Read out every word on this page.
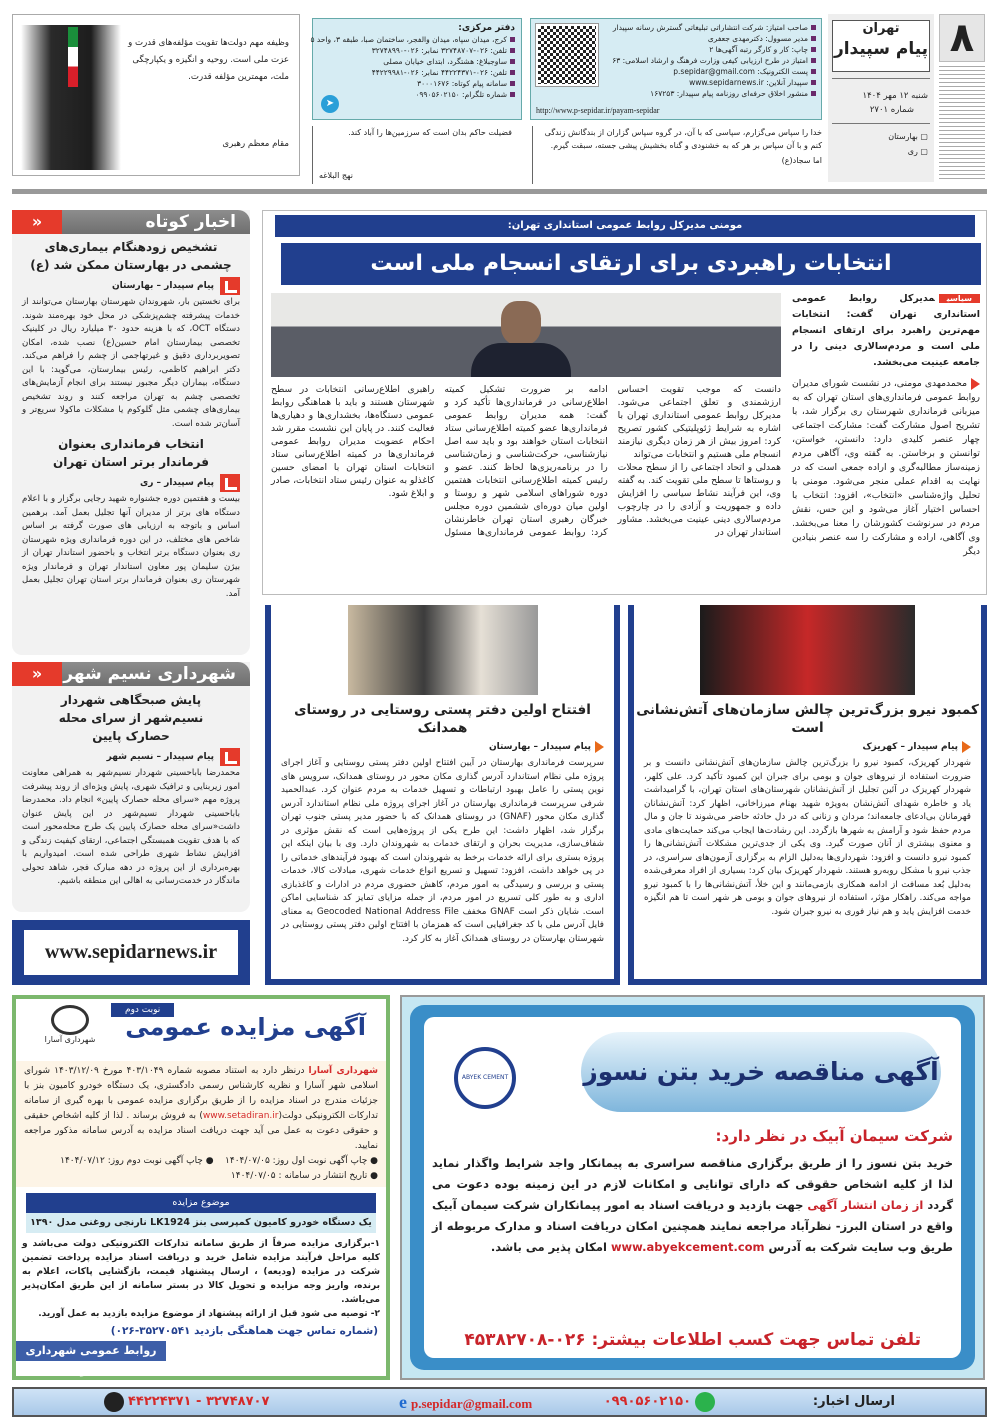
۸
تهران
پیام سپیدار
شنبه ۱۲ مهر ۱۴۰۴
شماره ۲۷۰۱
▢ بهارستان
▢ ری
صاحب امتیاز: شرکت انتشاراتی تبلیغاتی گسترش رسانه سپیدار
مدیر مسوول: دکترمهدی جعفری
چاپ: کار و کارگر رتبه آگهی‌ها ۲
امتیاز در طرح ارزیابی کیفی وزارت فرهنگ و ارشاد اسلامی: ۶۳
پست الکترونیک: p.sepidar@gmail.com
سپیدار آنلاین: www.sepidarnews.ir
منشور اخلاق حرفه‌ای روزنامه پیام سپیدار: ۱۶۷۲۵۳
http://www.p-sepidar.ir/payam-sepidar
دفتر مرکزی:
کرج، میدان سپاه، میدان والفجر، ساختمان صبا، طبقه ۳، واحد ۵
تلفن: ۰۲۶-۳۲۷۴۸۷۰۷ نمابر: ۰۲۶-۳۲۷۴۸۹۹۰
ساوجبلاغ: هشتگرد، ابتدای خیابان مصلی
تلفن: ۰۲۶-۴۴۲۲۴۳۷۱ نمابر: ۰۲۶-۴۴۲۲۹۹۸۱
سامانه پیام کوتاه: ۳۰۰۰۱۶۷۶
شماره تلگرام: ۰۹۹۰۵۶۰۲۱۵۰
➤
خدا را سپاس می‌گزارم، سپاسی که با آن، در گروه سپاس گزاران از بندگانش زندگی کنم و با آن سپاس بر هر که به خشنودی و گناه بخشیش پیشی جسته، سبقت گیرم.
اما سجاد(ع)
فضیلت حاکم بدان است که سرزمین‌ها را آباد کند.
نهج البلاغه
وظیفه مهم دولت‌ها تقویت مؤلفه‌های قدرت و عزت ملی است. روحیه و انگیزه و یکپارچگی ملت، مهمترین مؤلفه قدرت.
مقام معظم رهبری
مومنی مدیرکل روابط عمومی استانداری تهران:
انتخابات راهبردی برای ارتقای انسجام ملی است
سیاسیمدیرکل روابط عمومی استانداری تهران گفت: انتخابات مهم‌ترین راهبرد برای ارتقای انسجام ملی است و مردم‌سالاری دینی را در جامعه عینیت می‌بخشد.
محمدمهدی مومنی، در نشست شورای مدیران روابط عمومی فرمانداری‌های استان تهران که به میزبانی فرمانداری شهرستان ری برگزار شد، با تشریح اصول مشارکت گفت: مشارکت اجتماعی چهار عنصر کلیدی دارد: دانستن، خواستن، توانستن و برخاستن. به گفته وی، آگاهی مردم زمینه‌ساز مطالبه‌گری و اراده جمعی است که در نهایت به اقدام عملی منجر می‌شود. مومنی با تحلیل واژه‌شناسی «انتخاب»، افزود: انتخاب با احساس اختیار آغاز می‌شود و این حس، نقش مردم در سرنوشت کشورشان را معنا می‌بخشد. وی آگاهی، اراده و مشارکت را سه عنصر بنیادین دیگر
دانست که موجب تقویت احساس ارزشمندی و تعلق اجتماعی می‌شود. مدیرکل روابط عمومی استانداری تهران با اشاره به شرایط ژئوپلیتیکی کشور تصریح کرد: امروز بیش از هر زمان دیگری نیازمند انسجام ملی هستیم و انتخابات می‌تواند
همدلی و اتحاد اجتماعی را از سطح محلات و روستاها تا سطح ملی تقویت کند. به گفته وی، این فرآیند نشاط سیاسی را افزایش داده و جمهوریت و آزادی را در چارچوب مردم‌سالاری دینی عینیت می‌بخشد. مشاور استاندار تهران در
ادامه بر ضرورت تشکیل کمیته اطلاع‌رسانی در فرمانداری‌ها تأکید کرد و گفت: همه مدیران روابط عمومی فرمانداری‌ها عضو کمیته اطلاع‌رسانی ستاد انتخابات استان خواهند بود و باید سه اصل نیازشناسی، حرکت‌شناسی و زمان‌شناسی را در برنامه‌ریزی‌ها لحاظ کنند. عضو و رئیس کمیته اطلاع‌رسانی انتخابات هفتمین دوره شوراهای اسلامی شهر و روستا و اولین میان دوره‌ای ششمین دوره مجلس خبرگان رهبری استان تهران خاطرنشان کرد: روابط عمومی فرمانداری‌ها مسئول راهبری اطلاع‌رسانی انتخابات در سطح شهرستان هستند و باید با هماهنگی روابط عمومی دستگاه‌ها، بخشداری‌ها و دهیاری‌ها فعالیت کنند. در پایان این نشست مقرر شد احکام عضویت مدیران روابط عمومی فرمانداری‌ها در کمیته اطلاع‌رسانی ستاد انتخابات استان تهران با امضای حسین کاغذلو به عنوان رئیس ستاد انتخابات، صادر و ابلاغ شود.
کمبود نیرو بزرگ‌ترین چالش سازمان‌های آتش‌نشانی است
پیام سپیدار – کهریزک
شهردار کهریزک، کمبود نیرو را بزرگ‌ترین چالش سازمان‌های آتش‌نشانی دانست و بر ضرورت استفاده از نیروهای جوان و بومی برای جبران این کمبود تأکید کرد. علی کلهر، شهردار کهریزک در آئین تجلیل از آتش‌نشانان شهرستان‌های استان تهران، با گرامیداشت یاد و خاطره شهدای آتش‌نشان به‌ویژه شهید بهنام میرزاخانی، اظهار کرد: آتش‌نشانان قهرمانان بی‌ادعای جامعه‌اند؛ مردان و زنانی که در دل حادثه حاضر می‌شوند تا جان و مال مردم حفظ شود و آرامش به شهرها بازگردد. این رشادت‌ها ایجاب می‌کند حمایت‌های مادی و معنوی بیشتری از آنان صورت گیرد. وی یکی از جدی‌ترین مشکلات آتش‌نشانی‌ها را کمبود نیرو دانست و افزود: شهرداری‌ها به‌دلیل الزام به برگزاری آزمون‌های سراسری، در جذب نیرو با مشکل روبه‌رو هستند. شهردار کهریزک بیان کرد: بسیاری از افراد معرفی‌شده به‌دلیل بُعد مسافت از ادامه همکاری بازمی‌مانند و این خلأ، آتش‌نشانی‌ها را با کمبود نیرو مواجه می‌کند. راهکار مؤثر، استفاده از نیروهای جوان و بومی هر شهر است تا هم انگیزه خدمت افزایش یابد و هم نیاز فوری به نیرو جبران شود.
افتتاح اولین دفتر پستی روستایی در روستای همدانک
پیام سپیدار – بهارستان
سرپرست فرمانداری بهارستان در آیین افتتاح اولین دفتر پستی روستایی و آغاز اجرای پروژه ملی نظام استاندارد آدرس گذاری مکان محور در روستای همدانک، سرویس های نوین پستی را عامل بهبود ارتباطات و تسهیل خدمات به مردم عنوان کرد. عبدالحمید شرفی سرپرست فرمانداری بهارستان در آغاز اجرای پروژه ملی نظام استاندارد آدرس گذاری مکان محور (GNAF) در روستای همدانک که با حضور مدیر پستی جنوب تهران برگزار شد، اظهار داشت: این طرح یکی از پروژه‌هایی است که نقش مؤثری در شفاف‌سازی، مدیریت بحران و ارتقای خدمات به شهروندان دارد. وی با بیان اینکه این پروژه بستری برای ارائه خدمات برخط به شهروندان است که بهبود فرآیندهای خدماتی را در پی خواهد داشت، افزود: تسهیل و تسریع انواع خدمات شهری، مبادلات کالا، خدمات پستی و بررسی و رسیدگی به امور مردم، کاهش حضوری مردم در ادارات و کاغذبازی اداری و به طور کلی تسریع در امور مردم، از جمله مزایای تمایز کد شناسایی اماکن است. شایان ذکر است GNAF مخفف Geocoded National Address File به معنای فایل آدرس ملی با کد جغرافیایی است که همزمان با افتتاح اولین دفتر پستی روستایی در شهرستان بهارستان در روستای همدانک آغاز به کار کرد.
اخبار کوتاه
«
تشخیص زودهنگام بیماری‌های چشمی در بهارستان ممکن شد (ع)
پیام سپیدار – بهارستان
برای نخستین بار، شهروندان شهرستان بهارستان می‌توانند از خدمات پیشرفته چشم‌پزشکی در محل خود بهره‌مند شوند. دستگاه OCT، که با هزینه حدود ۳۰ میلیارد ریال در کلینیک تخصصی بیمارستان امام حسین(ع) نصب شده، امکان تصویربرداری دقیق و غیرتهاجمی از چشم را فراهم می‌کند. دکتر ابراهیم کاظمی، رئیس بیمارستان، می‌گوید: با این دستگاه، بیماران دیگر مجبور نیستند برای انجام آزمایش‌های تخصصی چشم به تهران مراجعه کنند و روند تشخیص بیماری‌های چشمی مثل گلوکوم یا مشکلات ماکولا سریع‌تر و آسان‌تر شده است.
انتخاب فرمانداری بعنوان فرماندار برتر استان تهران
پیام سپیدار – ری
بیست و هفتمین دوره جشنواره شهید رجایی برگزار و با اعلام دستگاه های برتر از مدیران آنها تجلیل بعمل آمد. برهمین اساس و باتوجه به ارزیابی های صورت گرفته بر اساس شاخص های مختلف، در این دوره فرمانداری ویژه شهرستان ری بعنوان دستگاه برتر انتخاب و باحضور استاندار تهران از بیژن سلیمان پور معاون استاندار تهران و فرماندار ویژه شهرستان ری بعنوان فرماندار برتر استان تهران تجلیل بعمل آمد.
شهرداری نسیم شهر
«
پایش صبحگاهی شهردار نسیم‌شهر از سرای محله حصارک پایین
پیام سپیدار – نسیم شهر
محمدرضا باباحسینی شهردار نسیم‌شهر به همراهی معاونت امور زیربنایی و ترافیک شهری، پایش ویژه‌ای از روند پیشرفت پروژه مهم «سرای محله حصارک پایین» انجام داد. محمدرضا باباحسینی شهردار نسیم‌شهر در این پایش عنوان داشت«سرای محله حصارک پایین یک طرح محله‌محور است که با هدف تقویت همبستگی اجتماعی، ارتقای کیفیت زندگی و افزایش نشاط شهری طراحی شده است. امیدواریم با بهره‌برداری از این پروژه در دهه مبارک فجر، شاهد تحولی ماندگار در خدمت‌رسانی به اهالی این منطقه باشیم.
www.sepidarnews.ir
نوبت دوم
شهرداری آسارا	آگهی مزایده عمومی
شهرداری آسارا درنظر دارد به استناد مصوبه شماره ۴۰۳/۱۰۴۹ مورخ ۱۴۰۳/۱۲/۰۹ شورای اسلامی شهر آسارا و نظریه کارشناس رسمی دادگستری، یک دستگاه خودرو کامیون بنز با جزئیات مندرج در اسناد مزایده را از طریق برگزاری مزایده عمومی با بهره گیری از سامانه تدارکات الکترونیکی دولت(www.setadiran.ir) به فروش برساند . لذا از کلیه اشخاص حقیقی و حقوقی دعوت به عمل می آید جهت دریافت اسناد مزایده به آدرس سامانه مذکور مراجعه نمایید.
● چاپ آگهی نوبت اول روز: ۱۴۰۴/۰۷/۰۵    ● چاپ آگهی نوبت دوم روز: ۱۴۰۴/۰۷/۱۲
● تاریخ انتشار در سامانه : ۱۴۰۴/۰۷/۰۵
موضوع مزایده
یک دستگاه خودرو کامیون کمپرسی بنز LK1924 نارنجی روغنی مدل ۱۳۹۰
۱-برگزاری مزایده صرفاً از طریق سامانه تدارکات الکترونیکی دولت می‌باشد و کلیه مراحل فرآیند مزایده شامل خرید و دریافت اسناد مزایده پرداخت تضمین شرکت در مزایده (ودیعه) ، ارسال پیشنهاد قیمت، بازگشایی پاکات، اعلام به برنده، واریز وجه مزایده و تحویل کالا در بستر سامانه از این طریق امکان‌پذیر می‌باشد.
۲- توصیه می شود قبل از ارائه پیشنهاد از موضوع مزایده بازدید به عمل آورید.
(شماره تماس جهت هماهنگی بازدید ۳۵۲۷۰۵۴۱-۰۲۶)
روابط عمومی شهرداری آسارا
آگهی مناقصه خرید بتن نسوز
ABYEK CEMENT
شرکت سیمان آبیک در نظر دارد:
خرید بتن نسوز را از طریق برگزاری مناقصه سراسری به پیمانکار واجد شرایط واگذار نماید لذا از کلیه اشخاص حقوقی که دارای توانایی و امکانات لازم در این زمینه بوده دعوت می گردد از زمان انتشار آگهی جهت بازدید و دریافت اسناد به امور پیمانکاران شرکت سیمان آبیک واقع در استان البرز- نظرآباد مراجعه نمایند همچنین امکان دریافت اسناد و مدارک مربوطه از طریق وب سایت شرکت به آدرس www.abyekcement.com امکان پذیر می باشد.
تلفن تماس جهت کسب اطلاعات بیشتر: ۰۲۶-۴۵۳۸۲۷۰۸
ارسال اخبار:
۰۹۹۰۵۶۰۲۱۵۰
e p.sepidar@gmail.com
۳۲۷۴۸۷۰۷ - ۴۴۲۲۴۳۷۱
